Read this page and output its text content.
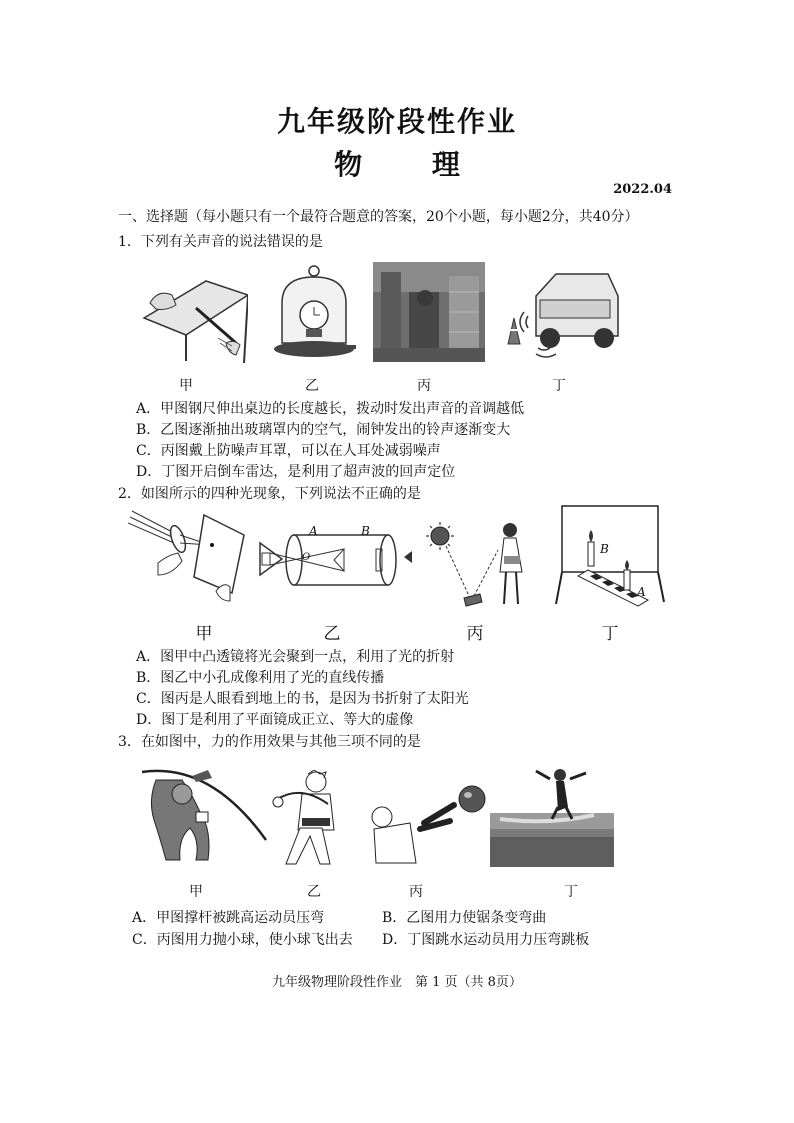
九年级阶段性作业
物 理
2022.04
一、选择题（每小题只有一个最符合题意的答案，20个小题，每小题2分，共40分）
1．下列有关声音的说法错误的是
甲	乙	丙	丁
A．甲图钢尺伸出桌边的长度越长，拨动时发出声音的音调越低
B．乙图逐渐抽出玻璃罩内的空气，闹钟发出的铃声逐渐变大
C．丙图戴上防噪声耳罩，可以在人耳处减弱噪声
D．丁图开启倒车雷达，是利用了超声波的回声定位
2．如图所示的四种光现象，下列说法不正确的是
O
A	B
B
A
甲	乙	丙	丁
A．图甲中凸透镜将光会聚到一点，利用了光的折射
B．图乙中小孔成像利用了光的直线传播
C．图丙是人眼看到地上的书，是因为书折射了太阳光
D．图丁是利用了平面镜成正立、等大的虚像
3．在如图中，力的作用效果与其他三项不同的是
甲	乙	丙	丁
A．甲图撑杆被跳高运动员压弯	B．乙图用力使锯条变弯曲
C．丙图用力抛小球，使小球飞出去 D．丁图跳水运动员用力压弯跳板
九年级物理阶段性作业　第 1 页（共 8页）
